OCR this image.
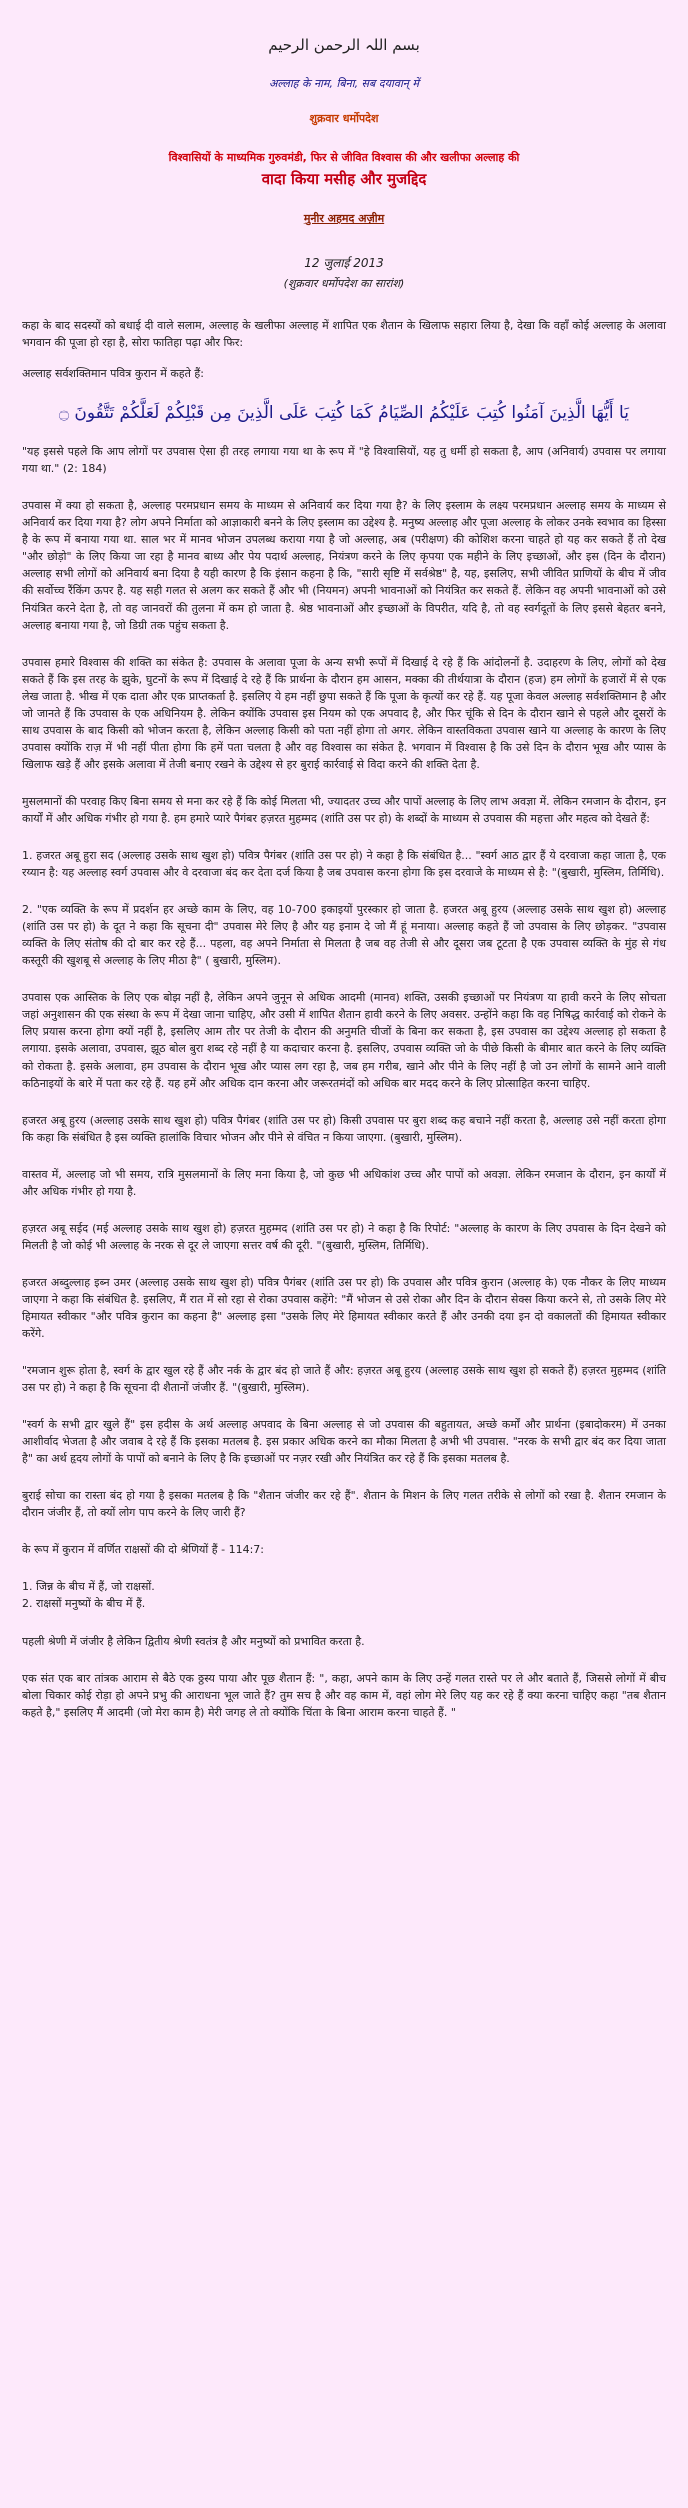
بسم اللہ الرحمن الرحیم
अल्लाह के नाम, बिना, सब दयावान् में
शुक्रवार धर्मोपदेश
विश्वासियों के माध्यमिक गुरुवमंडी, फिर से जीवित विश्वास की और खलीफा अल्लाह की
वादा किया मसीह और मुजद्दिद
मुनीर अहमद अज़ीम
12 जुलाई 2013
(शुक्रवार धर्मोपदेश का सारांश)

कहा के बाद सदस्यों को बधाई दी वाले सलाम, अल्लाह के खलीफा अल्लाह में शापित एक शैतान के खिलाफ सहारा लिया है, देखा कि वहाँ कोई अल्लाह के अलावा भगवान की पूजा हो रहा है, सोरा फातिहा पढ़ा और फिर:

अल्लाह सर्वशक्तिमान पवित्र कुरान में कहते हैं:

يَا أَيُّهَا الَّذِينَ آمَنُوا كُتِبَ عَلَيْكُمُ الصِّيَامُ كَمَا كُتِبَ عَلَى الَّذِينَ مِن قَبْلِكُمْ لَعَلَّكُمْ تَتَّقُونَ ۝

"यह इससे पहले कि आप लोगों पर उपवास ऐसा ही तरह लगाया गया था के रूप में "हे विश्वासियों, यह तु धर्मी हो सकता है, आप (अनिवार्य) उपवास पर लगाया गया था." (2: 184)

उपवास में क्या हो सकता है, अल्लाह परमप्रधान समय के माध्यम से अनिवार्य कर दिया गया है? के लिए इस्लाम के लक्ष्य परमप्रधान अल्लाह समय के माध्यम से अनिवार्य कर दिया गया है? लोग अपने निर्माता को आज्ञाकारी बनने के लिए इस्लाम का उद्देश्य है. मनुष्य अल्लाह और पूजा अल्लाह के लोकर उनके स्वभाव का हिस्सा है के रूप में बनाया गया था. साल भर में मानव भोजन उपलब्ध कराया गया है जो अल्लाह, अब (परीक्षण) की कोशिश करना चाहते हो यह कर सकते हैं तो देख "और छोड़ो" के लिए किया जा रहा है मानव बाध्य और पेय पदार्थ अल्लाह, नियंत्रण करने के लिए कृपया एक महीने के लिए इच्छाओं, और इस (दिन के दौरान) अल्लाह सभी लोगों को अनिवार्य बना दिया है यही कारण है कि इंसान कहना है कि, "सारी सृष्टि में सर्वश्रेष्ठ" है, यह, इसलिए, सभी जीवित प्राणियों के बीच में जीव की सर्वोच्च रैंकिंग ऊपर है. यह सही गलत से अलग कर सकते हैं और भी (नियमन) अपनी भावनाओं को नियंत्रित कर सकते हैं. लेकिन वह अपनी भावनाओं को उसे नियंत्रित करने देता है, तो वह जानवरों की तुलना में कम हो जाता है. श्रेष्ठ भावनाओं और इच्छाओं के विपरीत, यदि है, तो वह स्वर्गदूतों के लिए इससे बेहतर बनने, अल्लाह बनाया गया है, जो डिग्री तक पहुंच सकता है.

उपवास हमारे विश्वास की शक्ति का संकेत है: उपवास के अलावा पूजा के अन्य सभी रूपों में दिखाई दे रहे हैं कि आंदोलनों है. उदाहरण के लिए, लोगों को देख सकते हैं कि इस तरह के झुके, घुटनों के रूप में दिखाई दे रहे हैं कि प्रार्थना के दौरान हम आसन, मक्का की तीर्थयात्रा के दौरान (हज) हम लोगों के हजारों में से एक लेख जाता है. भीख में एक दाता और एक प्राप्तकर्ता है. इसलिए ये हम नहीं छुपा सकते हैं कि पूजा के कृत्यों कर रहे हैं. यह पूजा केवल अल्लाह सर्वशक्तिमान है और जो जानते हैं कि उपवास के एक अधिनियम है. लेकिन क्योंकि उपवास इस नियम को एक अपवाद है, और फिर चूंकि से दिन के दौरान खाने से पहले और दूसरों के साथ उपवास के बाद किसी को भोजन करता है, लेकिन अल्लाह किसी को पता नहीं होगा तो अगर. लेकिन वास्तविकता उपवास खाने या अल्लाह के कारण के लिए उपवास क्योंकि राज़ में भी नहीं पीता होगा कि हमें पता चलता है और वह विश्वास का संकेत है. भगवान में विश्वास है कि उसे दिन के दौरान भूख और प्यास के खिलाफ खड़े हैं और इसके अलावा में तेजी बनाए रखने के उद्देश्य से हर बुराई कार्रवाई से विदा करने की शक्ति देता है.

मुसलमानों की परवाह किए बिना समय से मना कर रहे हैं कि कोई मिलता भी, ज्यादतर उच्च और पापों अल्लाह के लिए लाभ अवज्ञा में. लेकिन रमजान के दौरान, इन कार्यों में और अधिक गंभीर हो गया है. हम हमारे प्यारे पैगंबर हज़रत मुहम्मद (शांति उस पर हो) के शब्दों के माध्यम से उपवास की महत्ता और महत्व को देखते हैं:

1. हजरत अबू हुरा सद (अल्लाह उसके साथ खुश हो) पवित्र पैगंबर (शांति उस पर हो) ने कहा है कि संबंधित है... "स्वर्ग आठ द्वार हैं ये दरवाजा कहा जाता है, एक रय्यान है: यह अल्लाह स्वर्ग उपवास और वे दरवाजा बंद कर देता दर्ज किया है जब उपवास करना होगा कि इस दरवाजे के माध्यम से है: "(बुखारी, मुस्लिम, तिर्मिधि).

2. "एक व्यक्ति के रूप में प्रदर्शन हर अच्छे काम के लिए, वह 10-700 इकाइयों पुरस्कार हो जाता है. हजरत अबू हुरय (अल्लाह उसके साथ खुश हो) अल्लाह (शांति उस पर हो) के दूत ने कहा कि सूचना दी" उपवास मेरे लिए है और यह इनाम दे जो मैं हूं मनाया। अल्लाह कहते हैं जो उपवास के लिए छोड़कर. "उपवास व्यक्ति के लिए संतोष की दो बार कर रहे हैं... पहला, वह अपने निर्माता से मिलता है जब वह तेजी से और दूसरा जब टूटता है एक उपवास व्यक्ति के मुंह से गंध कस्तूरी की खुशबू से अल्लाह के लिए मीठा है" ( बुखारी, मुस्लिम).

उपवास एक आस्तिक के लिए एक बोझ नहीं है, लेकिन अपने जुनून से अधिक आदमी (मानव) शक्ति, उसकी इच्छाओं पर नियंत्रण या हावी करने के लिए सोचता जहां अनुशासन की एक संस्था के रूप में देखा जाना चाहिए, और उसी में शापित शैतान हावी करने के लिए अवसर. उन्होंने कहा कि वह निषिद्ध कार्रवाई को रोकने के लिए प्रयास करना होगा क्यों नहीं है, इसलिए आम तौर पर तेजी के दौरान की अनुमति चीजों के बिना कर सकता है, इस उपवास का उद्देश्य अल्लाह हो सकता है लगाया. इसके अलावा, उपवास, झूठ बोल बुरा शब्द रहे नहीं है या कदाचार करना है. इसलिए, उपवास व्यक्ति जो के पीछे किसी के बीमार बात करने के लिए व्यक्ति को रोकता है. इसके अलावा, हम उपवास के दौरान भूख और प्यास लग रहा है, जब हम गरीब, खाने और पीने के लिए नहीं है जो उन लोगों के सामने आने वाली कठिनाइयों के बारे में पता कर रहे हैं. यह हमें और अधिक दान करना और जरूरतमंदों को अधिक बार मदद करने के लिए प्रोत्साहित करना चाहिए.

हजरत अबू हुरय (अल्लाह उसके साथ खुश हो) पवित्र पैगंबर (शांति उस पर हो) किसी उपवास पर बुरा शब्द कह बचाने नहीं करता है, अल्लाह उसे नहीं करता होगा कि कहा कि संबंधित है इस व्यक्ति हालांकि विचार भोजन और पीने से वंचित न किया जाएगा. (बुखारी, मुस्लिम).

वास्तव में, अल्लाह जो भी समय, रात्रि मुसलमानों के लिए मना किया है, जो कुछ भी अधिकांश उच्च और पापों को अवज्ञा. लेकिन रमजान के दौरान, इन कार्यों में और अधिक गंभीर हो गया है.

हज़रत अबू सईद (मई अल्लाह उसके साथ खुश हो) हज़रत मुहम्मद (शांति उस पर हो) ने कहा है कि रिपोर्ट: "अल्लाह के कारण के लिए उपवास के दिन देखने को मिलती है जो कोई भी अल्लाह के नरक से दूर ले जाएगा सत्तर वर्ष की दूरी. "(बुखारी, मुस्लिम, तिर्मिधि).

हजरत अब्दुल्लाह इब्न उमर (अल्लाह उसके साथ खुश हो) पवित्र पैगंबर (शांति उस पर हो) कि उपवास और पवित्र कुरान (अल्लाह के) एक नौकर के लिए माध्यम जाएगा ने कहा कि संबंधित है. इसलिए, मैं रात में सो रहा से रोका उपवास कहेंगे: "मैं भोजन से उसे रोका और दिन के दौरान सेक्स किया करने से, तो उसके लिए मेरे हिमायत स्वीकार "और पवित्र कुरान का कहना है" अल्लाह इसा "उसके लिए मेरे हिमायत स्वीकार करते हैं और उनकी दया इन दो वकालतों की हिमायत स्वीकार करेंगे.

"रमजान शुरू होता है, स्वर्ग के द्वार खुल रहे हैं और नर्क के द्वार बंद हो जाते हैं और: हज़रत अबू हुरय (अल्लाह उसके साथ खुश हो सकते हैं) हज़रत मुहम्मद (शांति उस पर हो) ने कहा है कि सूचना दी शैतानों जंजीर हैं. "(बुखारी, मुस्लिम).

"स्वर्ग के सभी द्वार खुले हैं" इस हदीस के अर्थ अल्लाह अपवाद के बिना अल्लाह से जो उपवास की बहुतायत, अच्छे कर्मों और प्रार्थना (इबादोकरम) में उनका आशीर्वाद भेजता है और जवाब दे रहे हैं कि इसका मतलब है. इस प्रकार अधिक करने का मौका मिलता है अभी भी उपवास. "नरक के सभी द्वार बंद कर दिया जाता है" का अर्थ हृदय लोगों के पापों को बनाने के लिए है कि इच्छाओं पर नज़र रखी और नियंत्रित कर रहे हैं कि इसका मतलब है.

बुराई सोचा का रास्ता बंद हो गया है इसका मतलब है कि "शैतान जंजीर कर रहे हैं". शैतान के मिशन के लिए गलत तरीके से लोगों को रखा है. शैतान रमजान के दौरान जंजीर हैं, तो क्यों लोग पाप करने के लिए जारी हैं?

के रूप में कुरान में वर्णित राक्षसों की दो श्रेणियों हैं - 114:7:

1. जिन्न के बीच में हैं, जो राक्षसों.
2. राक्षसों मनुष्यों के बीच में हैं.

पहली श्रेणी में जंजीर है लेकिन द्वितीय श्रेणी स्वतंत्र है और मनुष्यों को प्रभावित करता है.

एक संत एक बार तांत्रक आराम से बैठे एक ठ्ठस्य पाया और पूछ शैतान हैं: ", कहा, अपने काम के लिए उन्हें गलत रास्ते पर ले और बताते हैं, जिससे लोगों में बीच बोला चिकार कोई रोड़ा हो अपने प्रभु की आराधना भूल जाते हैं? तुम सच है और वह काम में, वहां लोग मेरे लिए यह कर रहे हैं क्या करना चाहिए कहा "तब शैतान कहते है," इसलिए मैं आदमी (जो मेरा काम है) मेरी जगह ले तो क्योंकि चिंता के बिना आराम करना चाहते हैं. "
